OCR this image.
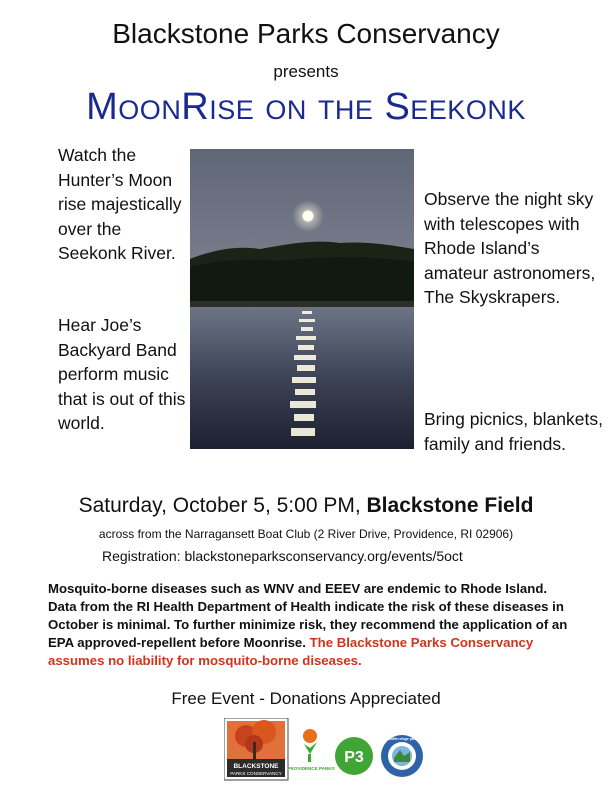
Blackstone Parks Conservancy
presents
MoonRise on the Seekonk
Watch the Hunter’s Moon rise majestically over the Seekonk River.
Hear Joe’s Backyard Band perform music that is out of this world.
Observe the night sky with telescopes with Rhode Island’s amateur astronomers, The Skyskrapers.
Bring picnics, blankets, family and friends.
Saturday, October 5, 5:00 PM, Blackstone Field
across from the Narragansett Boat Club (2 River Drive, Providence, RI 02906)
Registration: blackstoneparksconservancy.org/events/5oct
Mosquito-borne diseases such as WNV and EEEV are endemic to Rhode Island. Data from the RI Health Department of Health indicate the risk of these diseases in October is minimal. To further minimize risk, they recommend the application of an EPA approved-repellent before Moonrise. The Blackstone Parks Conservancy assumes no liability for mosquito-borne diseases.
Free Event - Donations Appreciated
BLACKSTONE
PARKS CONSERVANCY
PROVIDENCE PARKS
P3
urban wildlife refuge partnership
